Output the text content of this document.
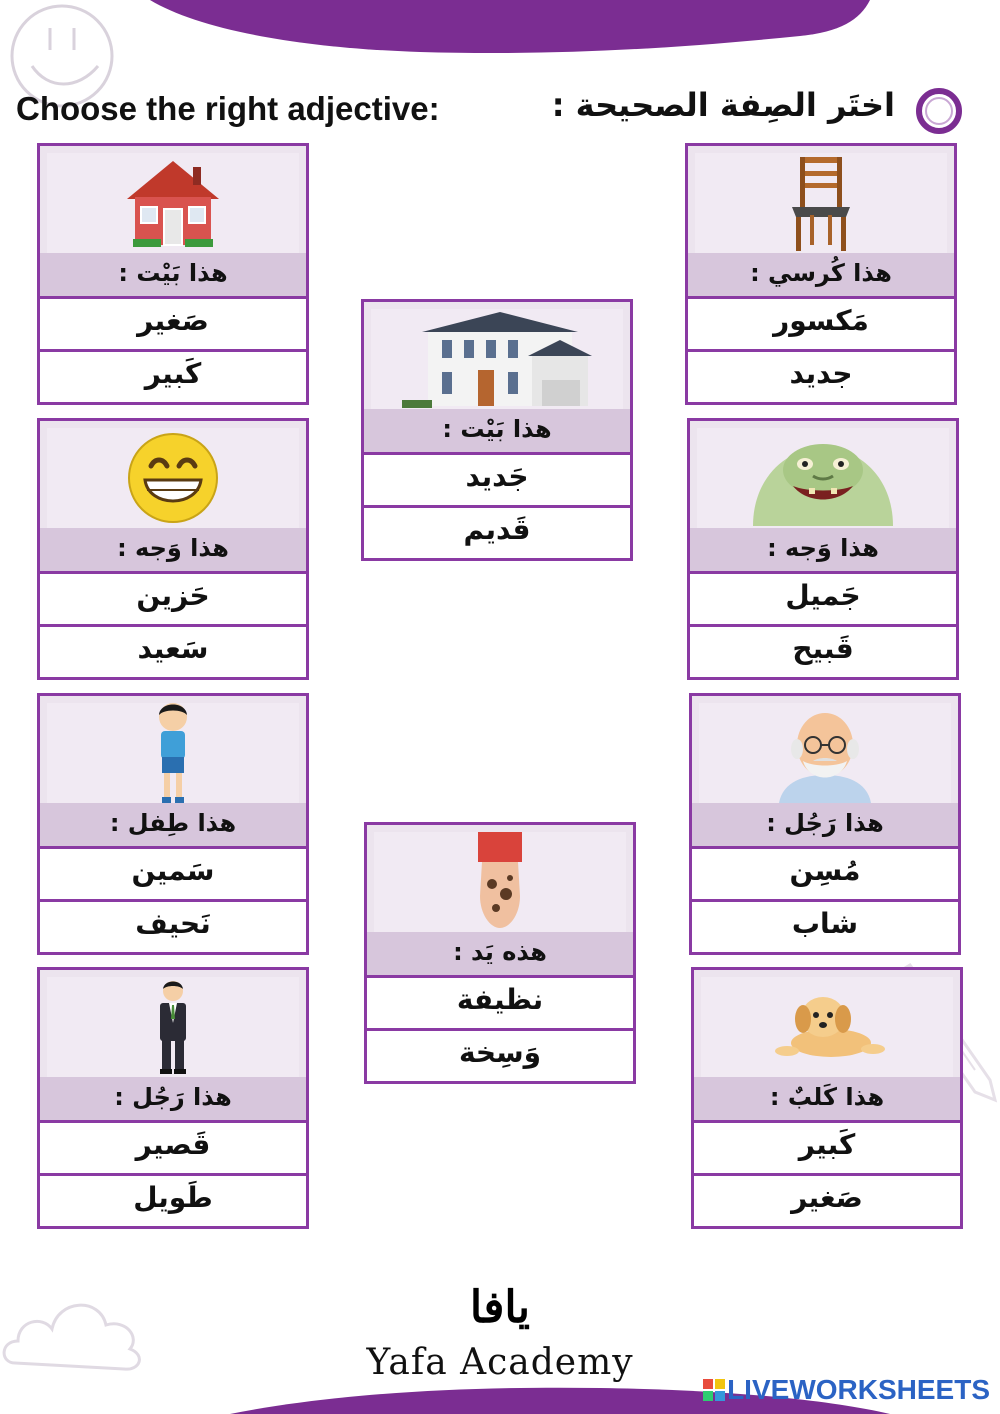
Choose the right adjective:	اختَر الصِفة الصحيحة :
هذا كُرسي :
مَكسور
جديد
هذا بَيْت :
صَغير
كَبير
هذا بَيْت :
جَديد
قَديم
هذا وَجه :
جَميل
قَبيح
هذا وَجه :
حَزين
سَعيد
هذا رَجُل :
مُسِن
شاب
هذا طِفل :
سَمين
نَحيف
هذه يَد :
نظيفة
وَسِخة
هذا كَلبٌ :
كَبير
صَغير
هذا رَجُل :
قَصير
طَويل
يافا
Yafa Academy
LIVEWORKSHEETS
